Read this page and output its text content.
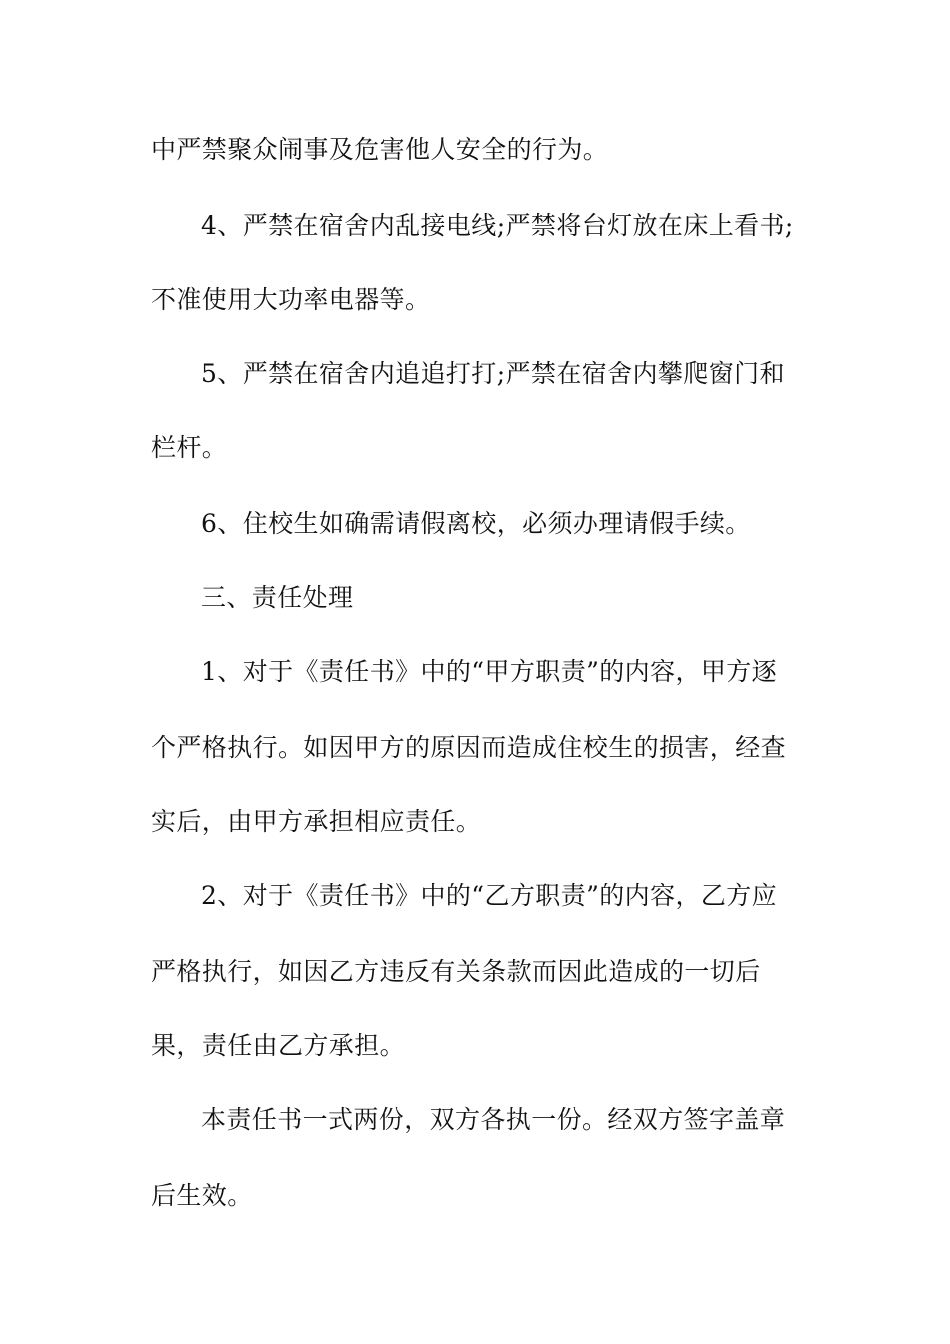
中严禁聚众闹事及危害他人安全的行为。
4、严禁在宿舍内乱接电线;严禁将台灯放在床上看书;
不准使用大功率电器等。
5、严禁在宿舍内追追打打;严禁在宿舍内攀爬窗门和
栏杆。
6、住校生如确需请假离校，必须办理请假手续。
三、责任处理
1、对于《责任书》中的“甲方职责”的内容，甲方逐
个严格执行。如因甲方的原因而造成住校生的损害，经查
实后，由甲方承担相应责任。
2、对于《责任书》中的“乙方职责”的内容，乙方应
严格执行，如因乙方违反有关条款而因此造成的一切后
果，责任由乙方承担。
本责任书一式两份，双方各执一份。经双方签字盖章
后生效。
